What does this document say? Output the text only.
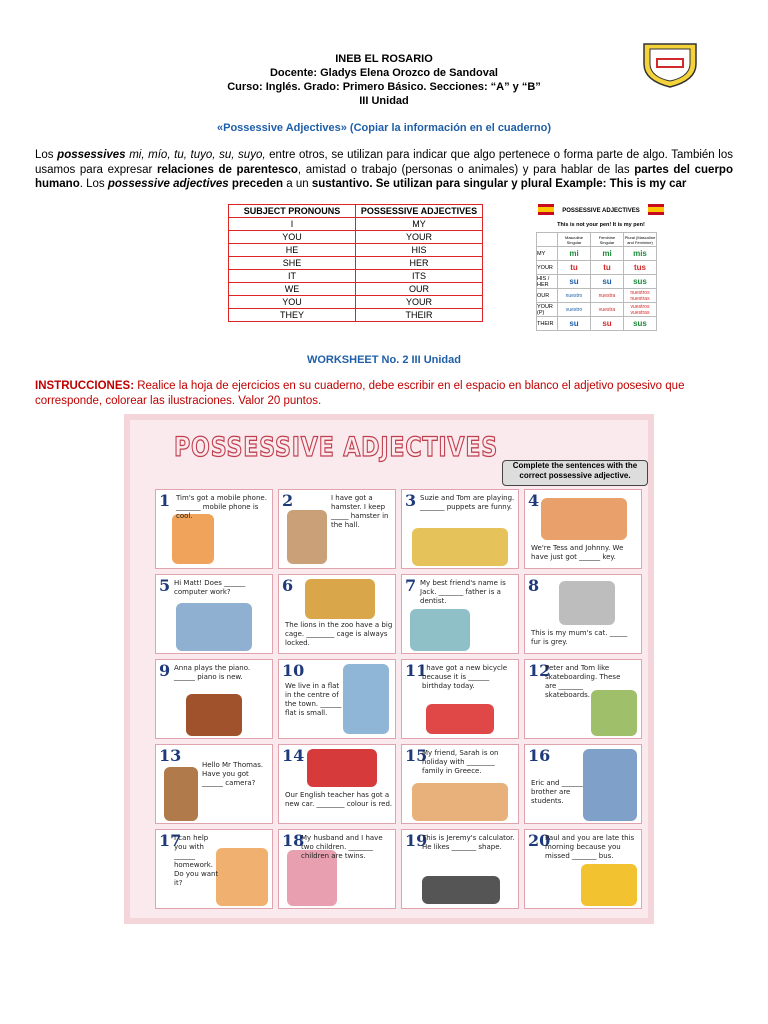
INEB EL ROSARIO
Docente: Gladys Elena Orozco de Sandoval
Curso: Inglés. Grado: Primero Básico. Secciones: “A” y “B”
III Unidad
«Possessive Adjectives» (Copiar la información en el cuaderno)
Los possessives mi, mío, tu, tuyo, su, suyo, entre otros, se utilizan para indicar que algo pertenece o forma parte de algo. También los usamos para expresar relaciones de parentesco, amistad o trabajo (personas o animales) y para hablar de las partes del cuerpo humano. Los possessive adjectives preceden a un sustantivo. Se utilizan para singular y plural Example: This is my car
SUBJECT PRONOUNS	POSSESSIVE ADJECTIVES
I	MY
YOU	YOUR
HE	HIS
SHE	HER
IT	ITS
WE	OUR
YOU	YOUR
THEY	THEIR
POSSESSIVE ADJECTIVES
This is not your pen! It is my pen!
	Masculine Singular	Feminine Singular	Plural (Masculine and Feminine)
MY	mi	mi	mis
YOUR	tu	tu	tus
HIS / HER	su	su	sus
OUR	nuestro	nuestra	nuestros nuestras
YOUR (P)	vuestro	vuestra	vuestros vuestras
THEIR	su	su	sus
WORKSHEET No. 2 III Unidad
INSTRUCCIONES: Realice la hoja de ejercicios en su cuaderno, debe escribir en el espacio en blanco el adjetivo posesivo que corresponde, colorear las ilustraciones. Valor 20 puntos.
POSSESSIVE ADJECTIVES
Complete the sentences with the correct possessive adjective.
1 Tim's got a mobile phone. _______ mobile phone is cool.
2	I have got a hamster. I keep _____ hamster in the hall.
3 Suzie and Tom are playing. _______ puppets are funny. 4
We're Tess and Johnny. We have just got ______ key.
5 Hi Matt! Does ______ computer work?	6
The lions in the zoo have a big cage. ________ cage is always locked.
7 My best friend's name is Jack. _______ father is a dentist.
8
This is my mum's cat. _____ fur is grey.
9 Anna plays the piano. ______ piano is new.	10
We live in a flat in the centre of the town. ______ flat is small.
11
I have got a new bicycle because it is ______ birthday today.
12
Peter and Tom like skateboarding. These are _______ skateboards.
13	Hello Mr Thomas. Have you got ______ camera?
14
Our English teacher has got a new car. ________ colour is red.
15
My friend, Sarah is on holiday with ________ family in Greece.
16
Eric and ______ brother are students.
17
I can help you with ______ homework. Do you want it?
18
My husband and I have two children. _______ children are twins.
19
This is Jeremy's calculator. He likes _______ shape.	20
Paul and you are late this morning because you missed _______ bus.
